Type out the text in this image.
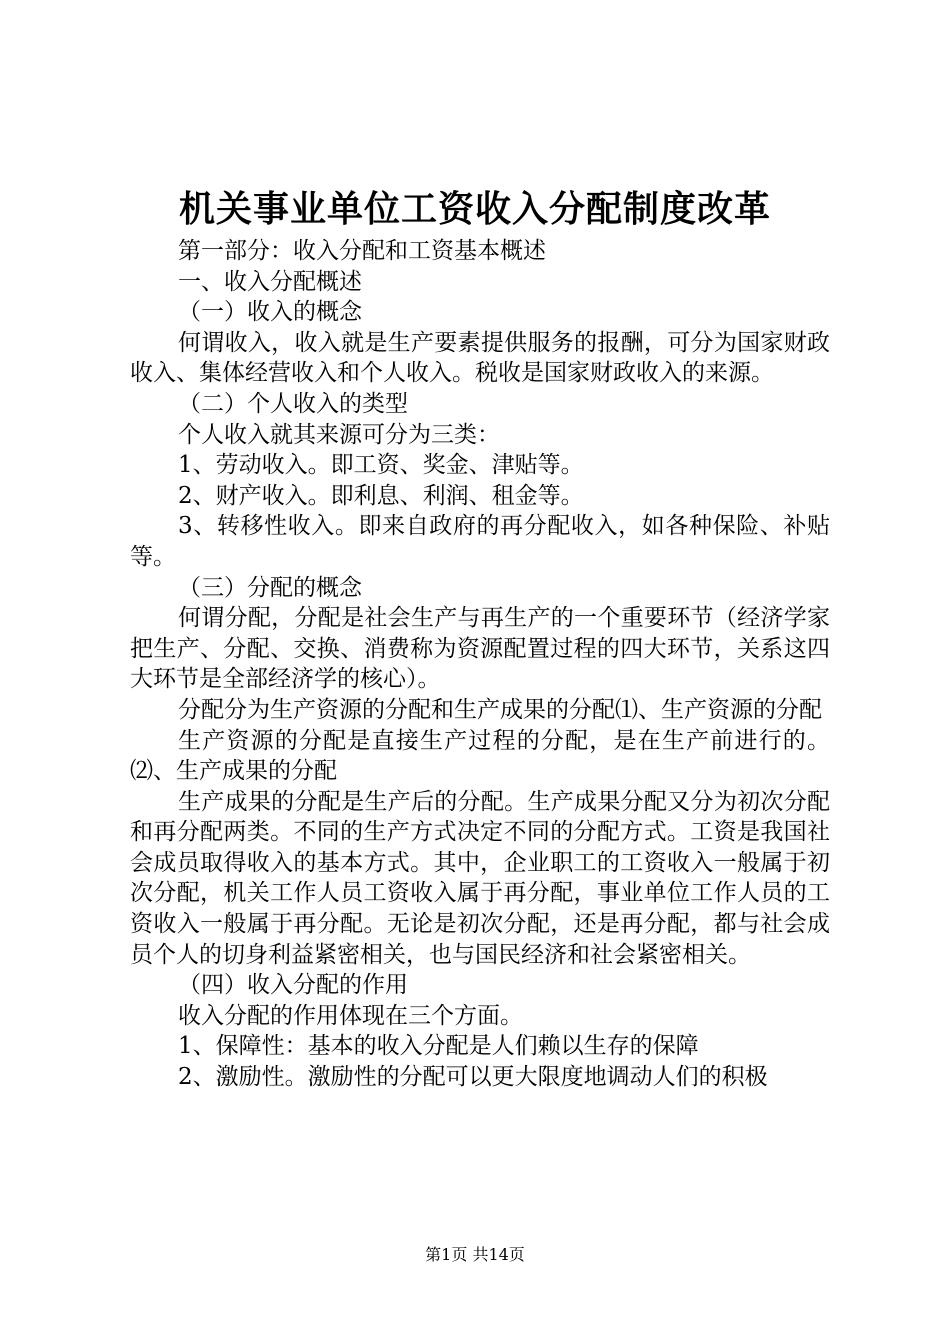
机关事业单位工资收入分配制度改革

第一部分：收入分配和工资基本概述

一、收入分配概述

（一）收入的概念

何谓收入，收入就是生产要素提供服务的报酬，可分为国家财政收入、集体经营收入和个人收入。税收是国家财政收入的来源。

（二）个人收入的类型

个人收入就其来源可分为三类：

1、劳动收入。即工资、奖金、津贴等。

2、财产收入。即利息、利润、租金等。

3、转移性收入。即来自政府的再分配收入，如各种保险、补贴等。

（三）分配的概念

何谓分配，分配是社会生产与再生产的一个重要环节（经济学家把生产、分配、交换、消费称为资源配置过程的四大环节，关系这四大环节是全部经济学的核心）。

分配分为生产资源的分配和生产成果的分配⑴、生产资源的分配

生产资源的分配是直接生产过程的分配，是在生产前进行的。⑵、生产成果的分配

生产成果的分配是生产后的分配。生产成果分配又分为初次分配和再分配两类。不同的生产方式决定不同的分配方式。工资是我国社会成员取得收入的基本方式。其中，企业职工的工资收入一般属于初次分配，机关工作人员工资收入属于再分配，事业单位工作人员的工资收入一般属于再分配。无论是初次分配，还是再分配，都与社会成员个人的切身利益紧密相关，也与国民经济和社会紧密相关。

（四）收入分配的作用

收入分配的作用体现在三个方面。

1、保障性：基本的收入分配是人们赖以生存的保障

2、激励性。激励性的分配可以更大限度地调动人们的积极

第1页 共14页
